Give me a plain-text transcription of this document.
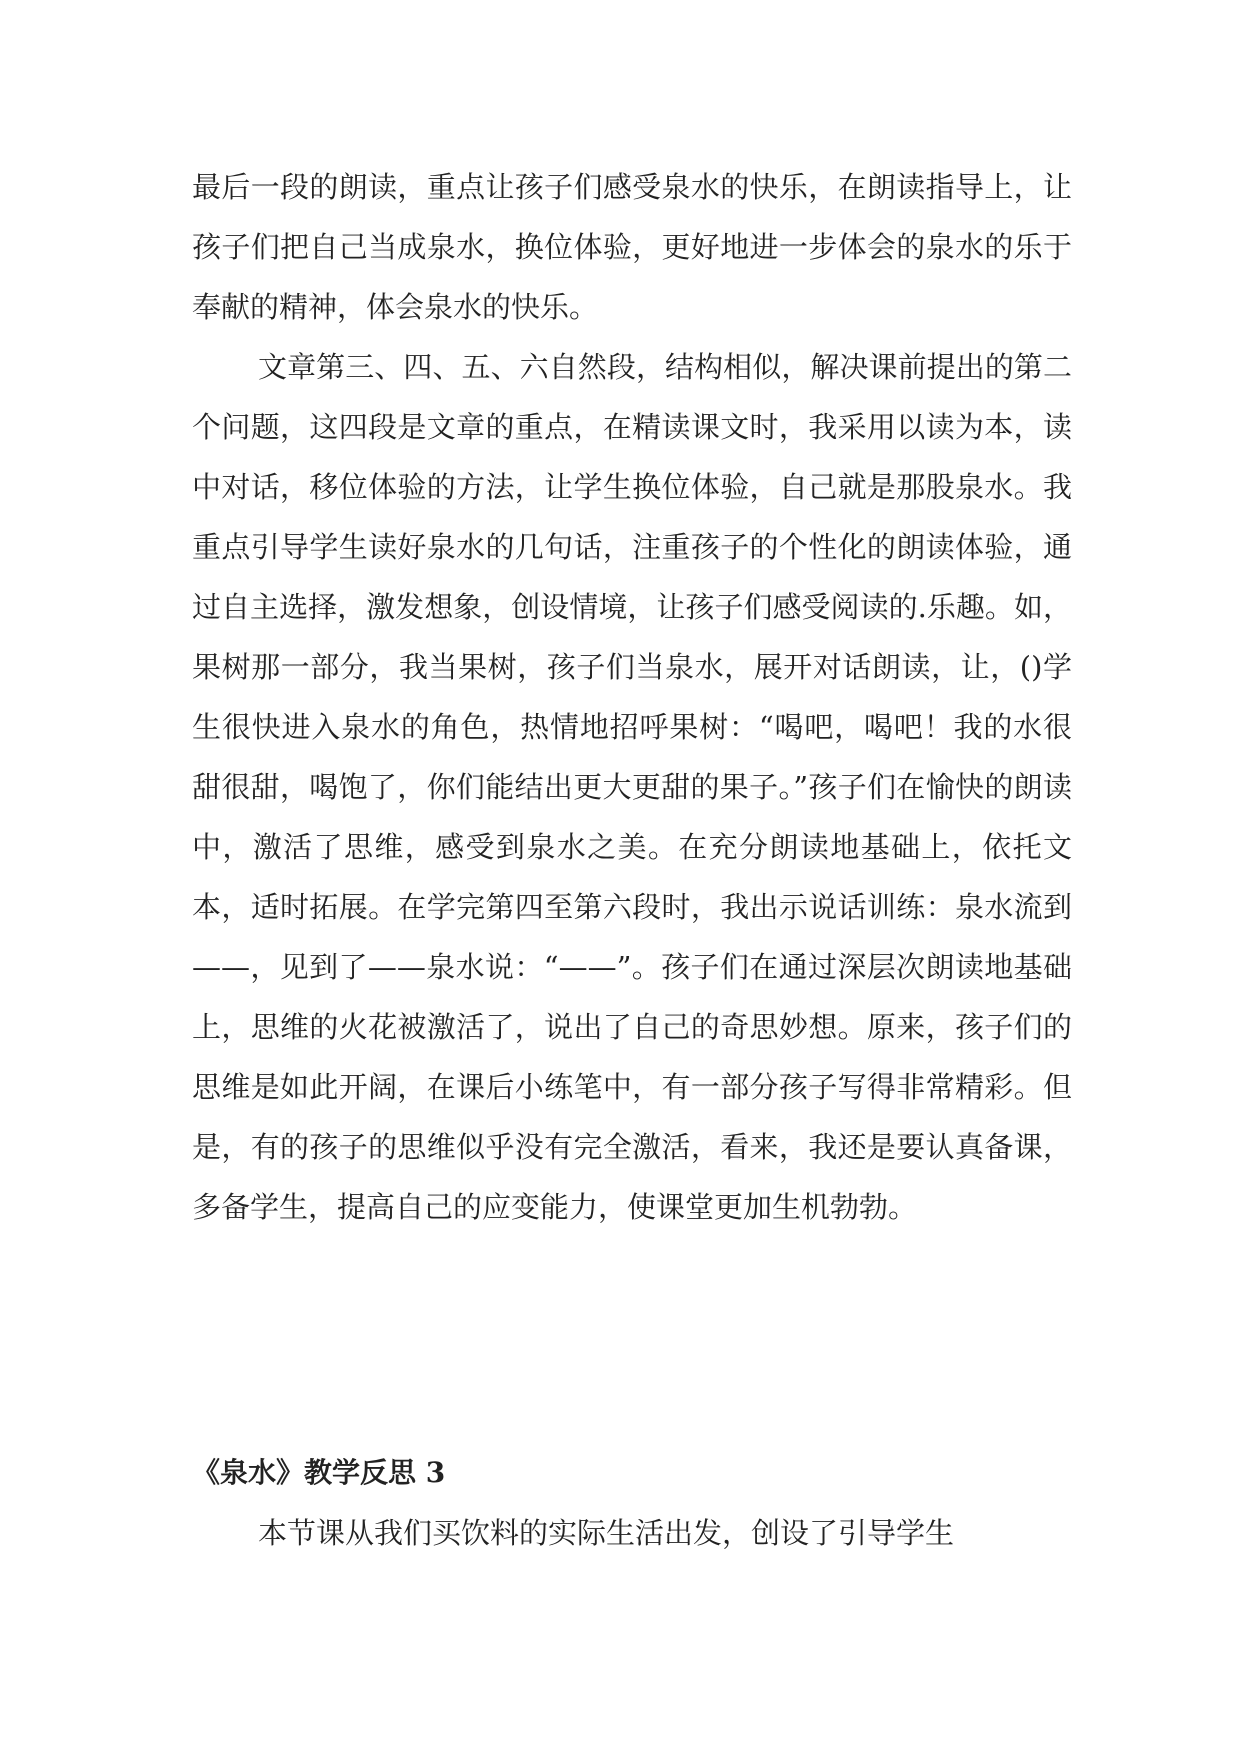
最后一段的朗读，重点让孩子们感受泉水的快乐，在朗读指导上，让孩子们把自己当成泉水，换位体验，更好地进一步体会的泉水的乐于奉献的精神，体会泉水的快乐。

文章第三、四、五、六自然段，结构相似，解决课前提出的第二个问题，这四段是文章的重点，在精读课文时，我采用以读为本，读中对话，移位体验的方法，让学生换位体验，自己就是那股泉水。我重点引导学生读好泉水的几句话，注重孩子的个性化的朗读体验，通过自主选择，激发想象，创设情境，让孩子们感受阅读的.乐趣。如，果树那一部分，我当果树，孩子们当泉水，展开对话朗读，让，()学生很快进入泉水的角色，热情地招呼果树：“喝吧，喝吧！我的水很甜很甜，喝饱了，你们能结出更大更甜的果子。”孩子们在愉快的朗读中，激活了思维，感受到泉水之美。在充分朗读地基础上，依托文本，适时拓展。在学完第四至第六段时，我出示说话训练：泉水流到——，见到了——泉水说：“——”。孩子们在通过深层次朗读地基础上，思维的火花被激活了，说出了自己的奇思妙想。原来，孩子们的思维是如此开阔，在课后小练笔中，有一部分孩子写得非常精彩。但是，有的孩子的思维似乎没有完全激活，看来，我还是要认真备课，多备学生，提高自己的应变能力，使课堂更加生机勃勃。

《泉水》教学反思 3

本节课从我们买饮料的实际生活出发，创设了引导学生
